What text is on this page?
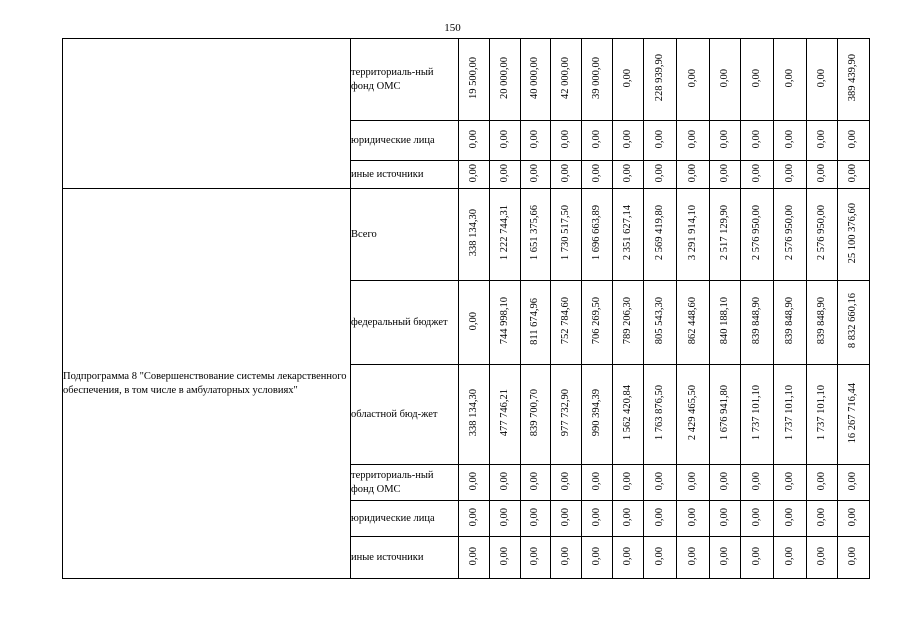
150
	территориаль-ный фонд ОМС	19 500,00	20 000,00	40 000,00	42 000,00	39 000,00	0,00	228 939,90	0,00	0,00	0,00	0,00	0,00	389 439,90
	юридические лица	0,00	0,00	0,00	0,00	0,00	0,00	0,00	0,00	0,00	0,00	0,00	0,00	0,00
	иные источники	0,00	0,00	0,00	0,00	0,00	0,00	0,00	0,00	0,00	0,00	0,00	0,00	0,00
Подпрограмма 8 "Совершенствование системы лекарственного обеспечения, в том числе в амбулаторных условиях"	Всего	338 134,30	1 222 744,31	1 651 375,66	1 730 517,50	1 696 663,89	2 351 627,14	2 569 419,80	3 291 914,10	2 517 129,90	2 576 950,00	2 576 950,00	2 576 950,00	25 100 376,60
	федеральный бюджет	0,00	744 998,10	811 674,96	752 784,60	706 269,50	789 206,30	805 543,30	862 448,60	840 188,10	839 848,90	839 848,90	839 848,90	8 832 660,16
	областной бюд-жет	338 134,30	477 746,21	839 700,70	977 732,90	990 394,39	1 562 420,84	1 763 876,50	2 429 465,50	1 676 941,80	1 737 101,10	1 737 101,10	1 737 101,10	16 267 716,44
	территориаль-ный фонд ОМС	0,00	0,00	0,00	0,00	0,00	0,00	0,00	0,00	0,00	0,00	0,00	0,00	0,00
	юридические лица	0,00	0,00	0,00	0,00	0,00	0,00	0,00	0,00	0,00	0,00	0,00	0,00	0,00
	иные источники	0,00	0,00	0,00	0,00	0,00	0,00	0,00	0,00	0,00	0,00	0,00	0,00	0,00
